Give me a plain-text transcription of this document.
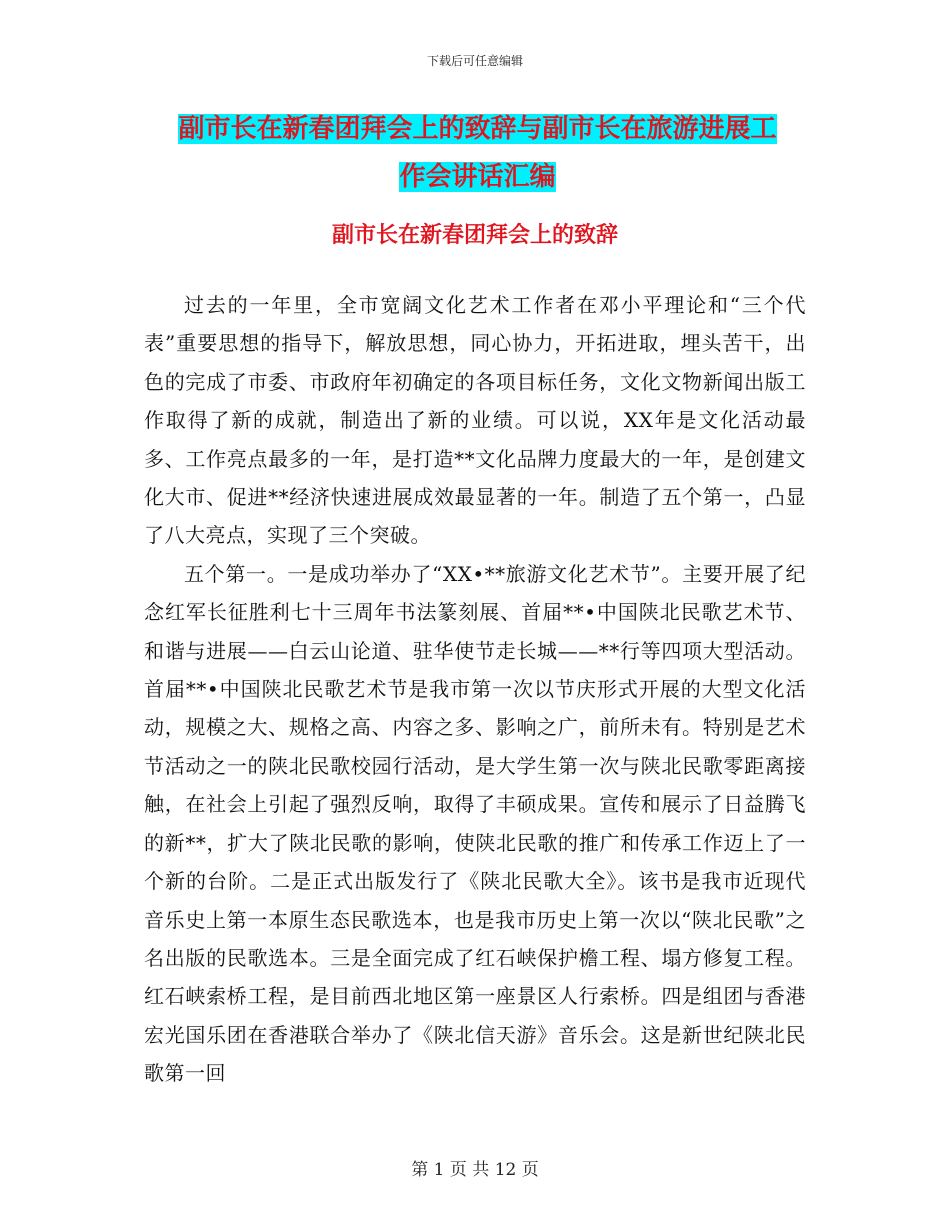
下载后可任意编辑
副市长在新春团拜会上的致辞与副市长在旅游进展工
作会讲话汇编
副市长在新春团拜会上的致辞

过去的一年里，全市宽阔文化艺术工作者在邓小平理论和“三个代表”重要思想的指导下，解放思想，同心协力，开拓进取，埋头苦干，出色的完成了市委、市政府年初确定的各项目标任务，文化文物新闻出版工作取得了新的成就，制造出了新的业绩。可以说，XX年是文化活动最多、工作亮点最多的一年，是打造**文化品牌力度最大的一年，是创建文化大市、促进**经济快速进展成效最显著的一年。制造了五个第一，凸显了八大亮点，实现了三个突破。

五个第一。一是成功举办了“XX•**旅游文化艺术节”。主要开展了纪念红军长征胜利七十三周年书法篆刻展、首届**•中国陕北民歌艺术节、和谐与进展——白云山论道、驻华使节走长城——**行等四项大型活动。首届**•中国陕北民歌艺术节是我市第一次以节庆形式开展的大型文化活动，规模之大、规格之高、内容之多、影响之广，前所未有。特别是艺术节活动之一的陕北民歌校园行活动，是大学生第一次与陕北民歌零距离接触，在社会上引起了强烈反响，取得了丰硕成果。宣传和展示了日益腾飞的新**，扩大了陕北民歌的影响，使陕北民歌的推广和传承工作迈上了一个新的台阶。二是正式出版发行了《陕北民歌大全》。该书是我市近现代音乐史上第一本原生态民歌选本，也是我市历史上第一次以“陕北民歌”之名出版的民歌选本。三是全面完成了红石峡保护檐工程、塌方修复工程。红石峡索桥工程，是目前西北地区第一座景区人行索桥。四是组团与香港宏光国乐团在香港联合举办了《陕北信天游》音乐会。这是新世纪陕北民歌第一回

第 1 页 共 12 页
